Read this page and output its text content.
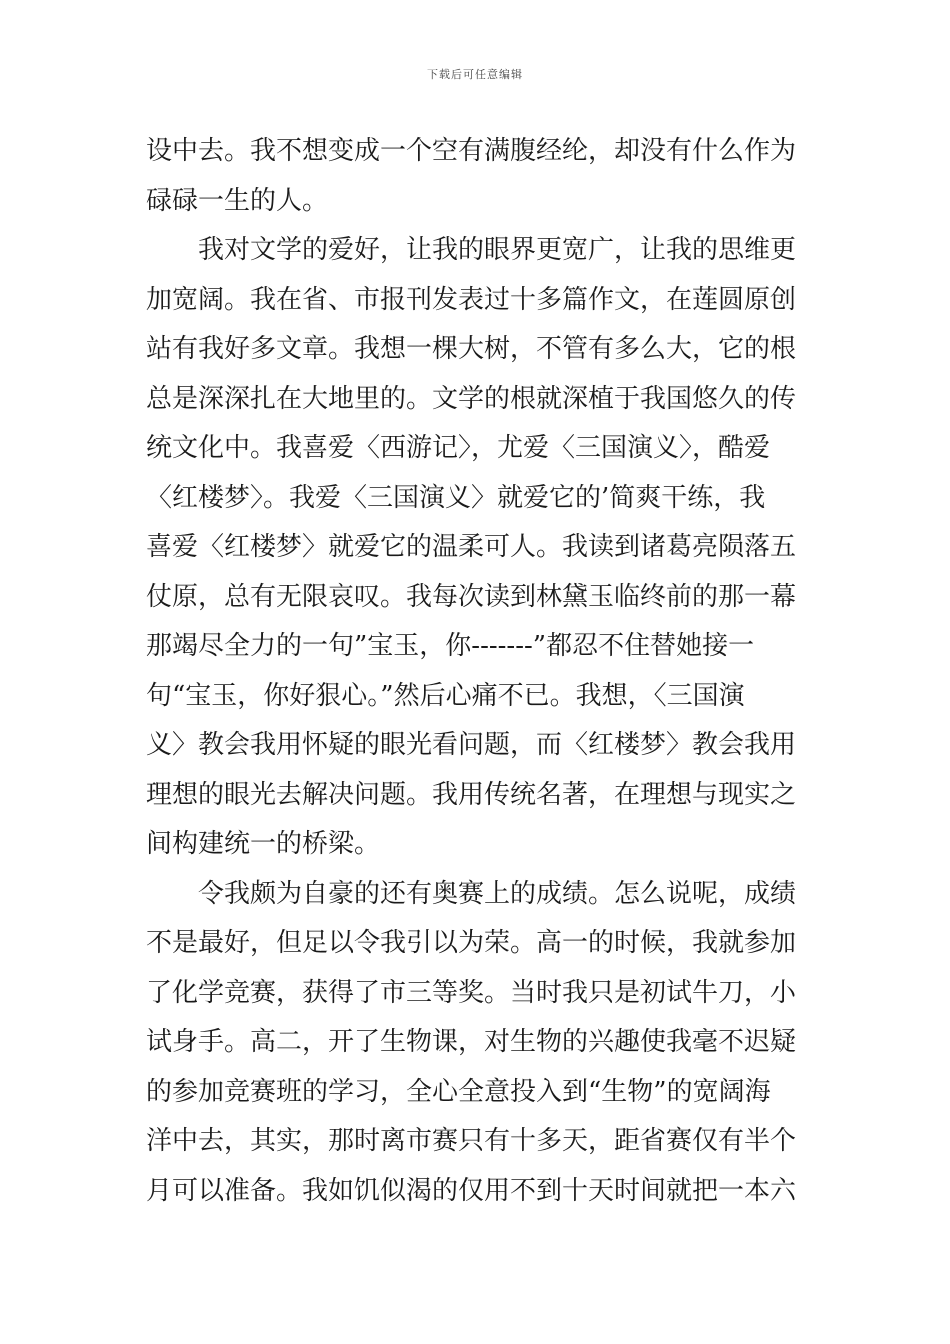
下载后可任意编辑
设中去。我不想变成一个空有满腹经纶，却没有什么作为
碌碌一生的人。
　　我对文学的爱好，让我的眼界更宽广，让我的思维更
加宽阔。我在省、市报刊发表过十多篇作文，在莲圆原创
站有我好多文章。我想一棵大树，不管有多么大，它的根
总是深深扎在大地里的。文学的根就深植于我国悠久的传
统文化中。我喜爱〈西游记〉，尤爱〈三国演义〉，酷爱
〈红楼梦〉。我爱〈三国演义〉就爱它的’简爽干练，我
喜爱〈红楼梦〉就爱它的温柔可人。我读到诸葛亮陨落五
仗原，总有无限哀叹。我每次读到林黛玉临终前的那一幕
那竭尽全力的一句”宝玉，你-------”都忍不住替她接一
句“宝玉，你好狠心。”然后心痛不已。我想，〈三国演
义〉教会我用怀疑的眼光看问题，而〈红楼梦〉教会我用
理想的眼光去解决问题。我用传统名著，在理想与现实之
间构建统一的桥梁。
　　令我颇为自豪的还有奥赛上的成绩。怎么说呢，成绩
不是最好，但足以令我引以为荣。高一的时候，我就参加
了化学竞赛，获得了市三等奖。当时我只是初试牛刀，小
试身手。高二，开了生物课，对生物的兴趣使我毫不迟疑
的参加竞赛班的学习，全心全意投入到“生物”的宽阔海
洋中去，其实，那时离市赛只有十多天，距省赛仅有半个
月可以准备。我如饥似渴的仅用不到十天时间就把一本六
